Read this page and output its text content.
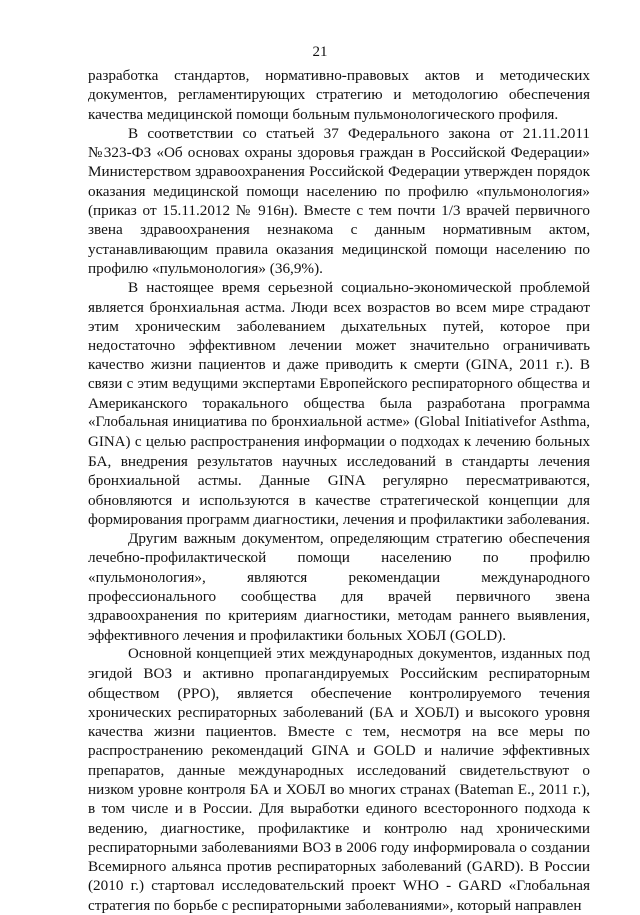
21
разработка стандартов, нормативно-правовых актов и методических
документов, регламентирующих стратегию и методологию обеспечения
качества медицинской помощи больным пульмонологического профиля.
В соответствии со статьей 37 Федерального закона от 21.11.2011
№323-ФЗ «Об основах охраны здоровья граждан в Российской Федерации»
Министерством здравоохранения Российской Федерации утвержден порядок
оказания медицинской помощи населению по профилю «пульмонология»
(приказ от 15.11.2012 № 916н). Вместе с тем почти 1/3 врачей первичного
звена здравоохранения незнакома с данным нормативным актом,
устанавливающим правила оказания медицинской помощи населению по
профилю «пульмонология» (36,9%).
В настоящее время серьезной социально-экономической проблемой
является бронхиальная астма. Люди всех возрастов во всем мире страдают
этим хроническим заболеванием дыхательных путей, которое при
недостаточно эффективном лечении может значительно ограничивать
качество жизни пациентов и даже приводить к смерти (GINA, 2011 г.). В
связи с этим ведущими экспертами Европейского респираторного общества и
Американского торакального общества была разработана программа
«Глобальная инициатива по бронхиальной астме» (Global Initiativefor Asthma,
GINA) с целью распространения информации о подходах к лечению больных
БА, внедрения результатов научных исследований в стандарты лечения
бронхиальной астмы. Данные GINA регулярно пересматриваются,
обновляются и используются в качестве стратегической концепции для
формирования программ диагностики, лечения и профилактики заболевания.
Другим важным документом, определяющим стратегию обеспечения
лечебно-профилактической помощи населению по профилю
«пульмонология», являются рекомендации международного
профессионального сообщества для врачей первичного звена
здравоохранения по критериям диагностики, методам раннего выявления,
эффективного лечения и профилактики больных ХОБЛ (GOLD).
Основной концепцией этих международных документов, изданных под
эгидой ВОЗ и активно пропагандируемых Российским респираторным
обществом (РРО), является обеспечение контролируемого течения
хронических респираторных заболеваний (БА и ХОБЛ) и высокого уровня
качества жизни пациентов. Вместе с тем, несмотря на все меры по
распространению рекомендаций GINA и GOLD и наличие эффективных
препаратов, данные международных исследований свидетельствуют о
низком уровне контроля БА и ХОБЛ во многих странах (Bateman E., 2011 г.),
в том числе и в России. Для выработки единого всесторонного подхода к
ведению, диагностике, профилактике и контролю над хроническими
респираторными заболеваниями ВОЗ в 2006 году информировала о создании
Всемирного альянса против респираторных заболеваний (GARD). В России
(2010 г.) стартовал исследовательский проект WHO - GARD «Глобальная
стратегия по борьбе с респираторными заболеваниями», который направлен
